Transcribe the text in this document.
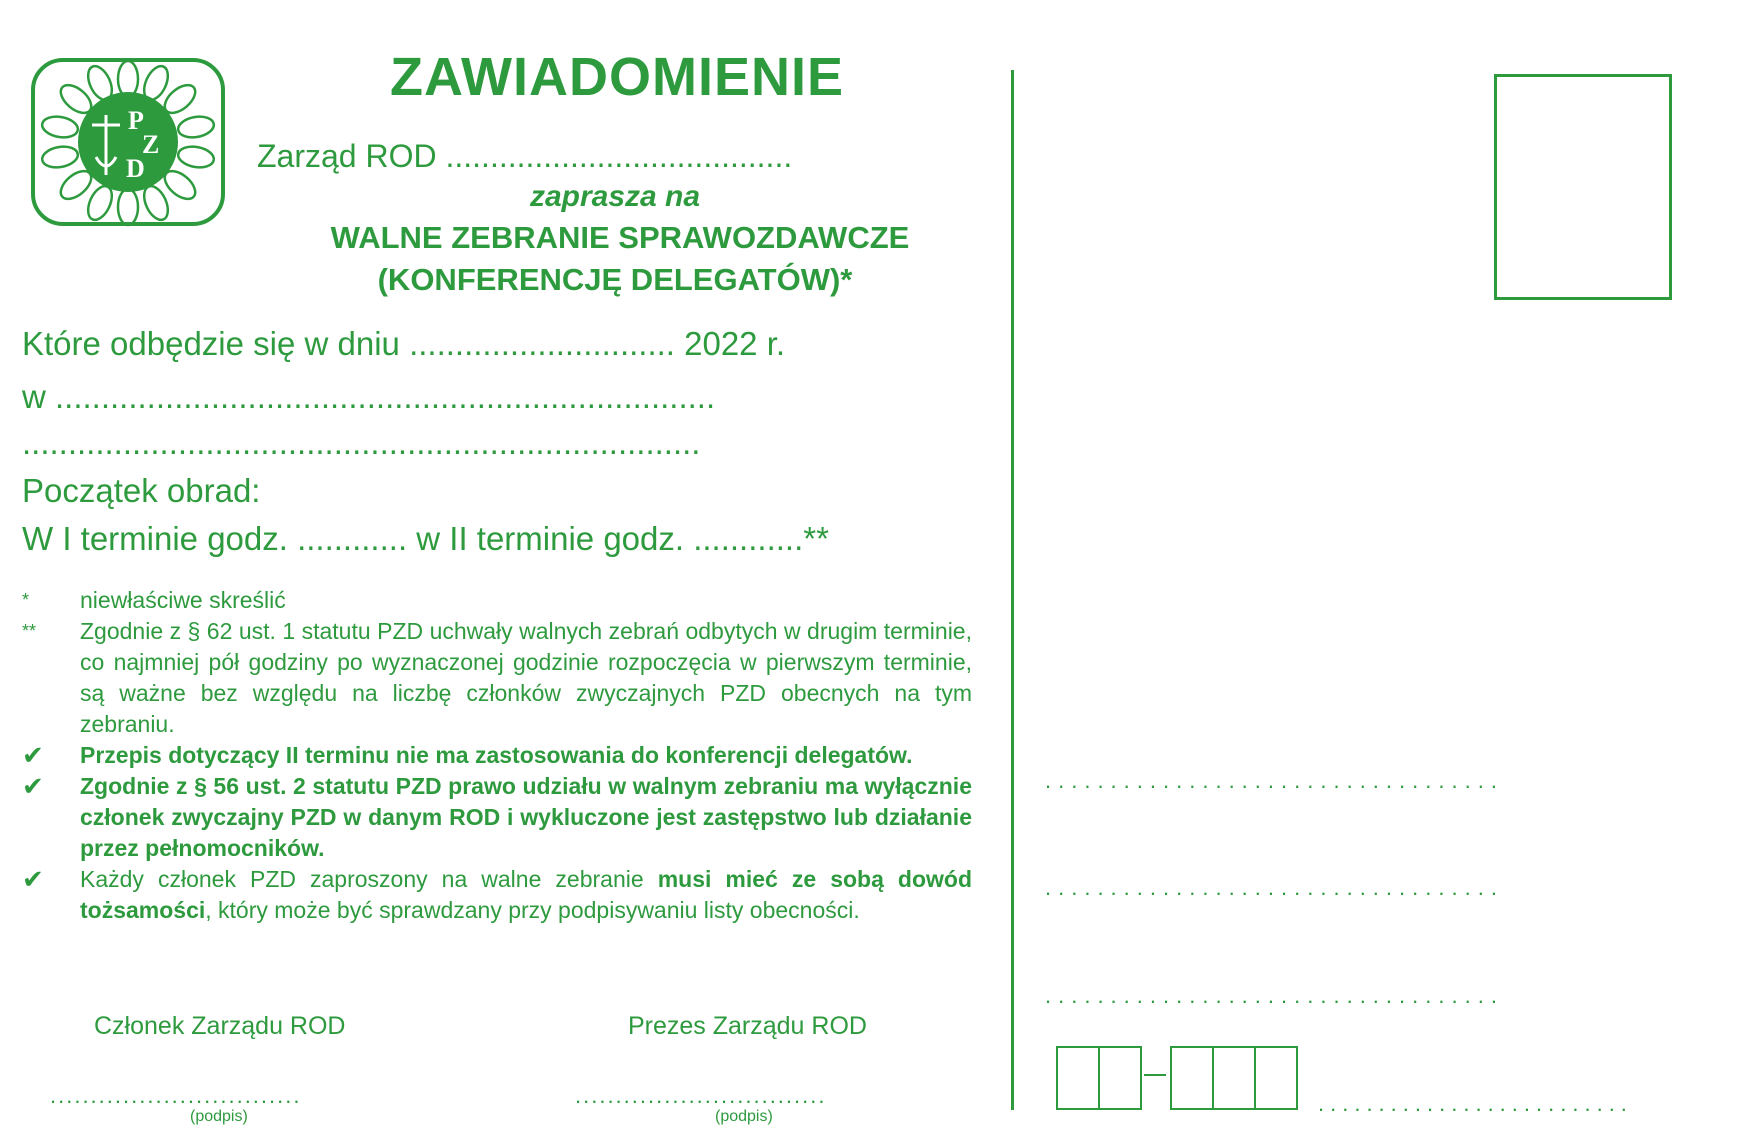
P
Z
D
ZAWIADOMIENIE
Zarząd ROD .......................................
zaprasza na
WALNE ZEBRANIE SPRAWOZDAWCZE
(KONFERENCJĘ DELEGATÓW)*
Które odbędzie się w dniu ............................. 2022 r.
w ........................................................................
..........................................................................
Początek obrad:
W I terminie godz. ............ w II terminie godz. ............**
* niewłaściwe skreślić
** Zgodnie z § 62 ust. 1 statutu PZD uchwały walnych zebrań odbytych w drugim terminie, co najmniej pół godziny po wyznaczonej godzinie rozpoczęcia w pierwszym terminie, są ważne bez względu na liczbę członków zwyczajnych PZD obecnych na tym zebraniu.
✔ Przepis dotyczący II terminu nie ma zastosowania do konferencji delegatów.
✔ Zgodnie z § 56 ust. 2 statutu PZD prawo udziału w walnym zebraniu ma wyłącznie członek zwyczajny PZD w danym ROD i wykluczone jest zastępstwo lub działanie przez pełnomocników.
✔ Każdy członek PZD zaproszony na walne zebranie musi mieć ze sobą dowód tożsamości, który może być sprawdzany przy podpisywaniu listy obecności.
Członek Zarządu ROD	Prezes Zarządu ROD
...............................	...............................
(podpis)	(podpis)
...................................
...................................
...................................
..........................
